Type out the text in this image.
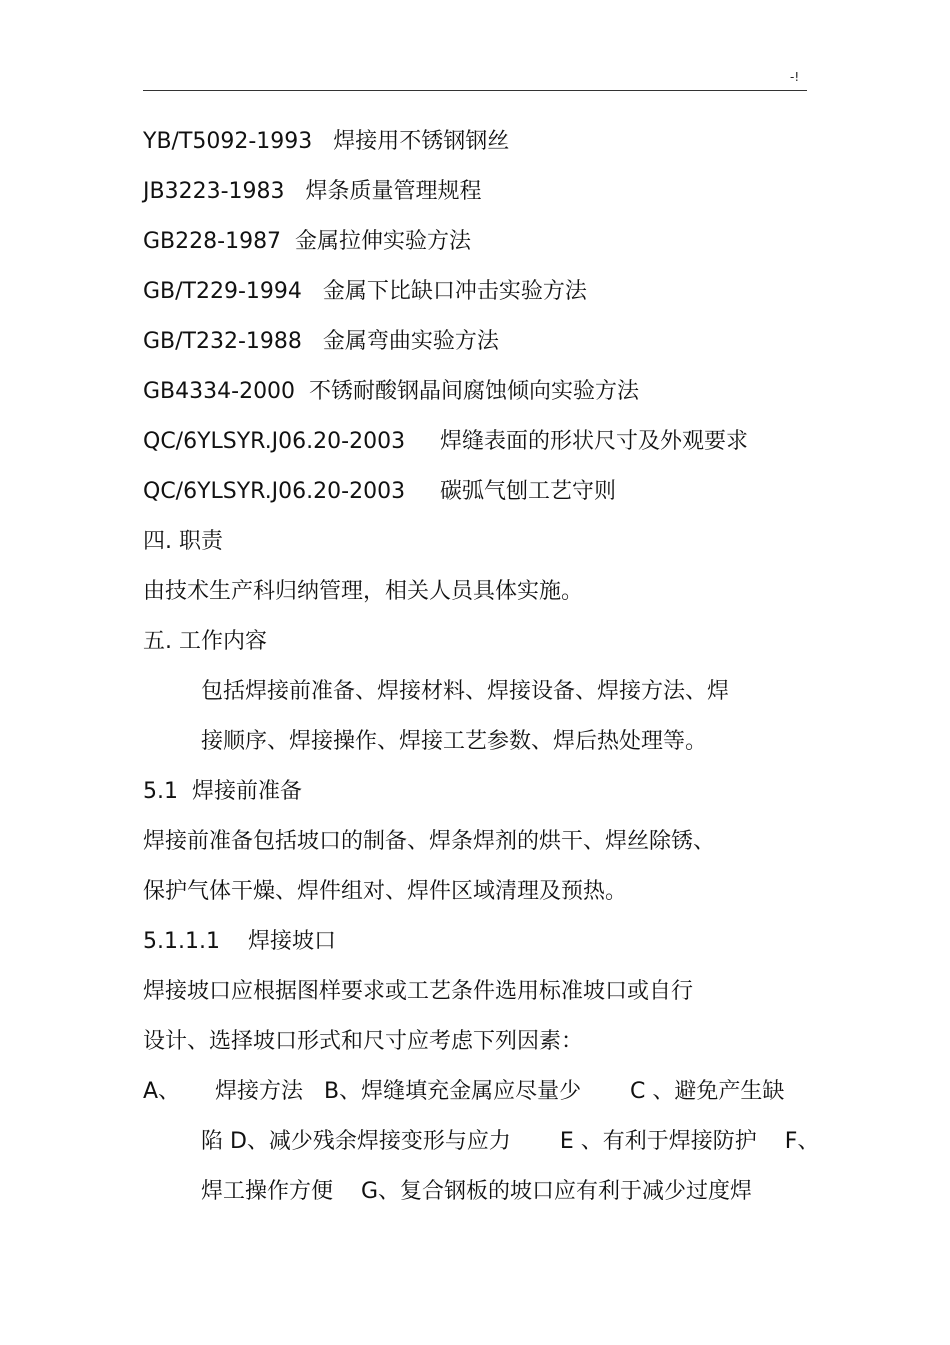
-!
YB/T5092-1993   焊接用不锈钢钢丝
JB3223-1983   焊条质量管理规程
GB228-1987  金属拉伸实验方法
GB/T229-1994   金属下比缺口冲击实验方法
GB/T232-1988   金属弯曲实验方法
GB4334-2000  不锈耐酸钢晶间腐蚀倾向实验方法
QC/6YLSYR.J06.20-2003     焊缝表面的形状尺寸及外观要求
QC/6YLSYR.J06.20-2003     碳弧气刨工艺守则
四. 职责
由技术生产科归纳管理，相关人员具体实施。
五. 工作内容
包括焊接前准备、焊接材料、焊接设备、焊接方法、焊
接顺序、焊接操作、焊接工艺参数、焊后热处理等。
5.1  焊接前准备
焊接前准备包括坡口的制备、焊条焊剂的烘干、焊丝除锈、
保护气体干燥、焊件组对、焊件区域清理及预热。
5.1.1.1    焊接坡口
焊接坡口应根据图样要求或工艺条件选用标准坡口或自行
设计、选择坡口形式和尺寸应考虑下列因素：
A、     焊接方法   B、焊缝填充金属应尽量少       C 、避免产生缺
陷 D、减少残余焊接变形与应力       E 、有利于焊接防护    F、
焊工操作方便    G、复合钢板的坡口应有利于减少过度焊
